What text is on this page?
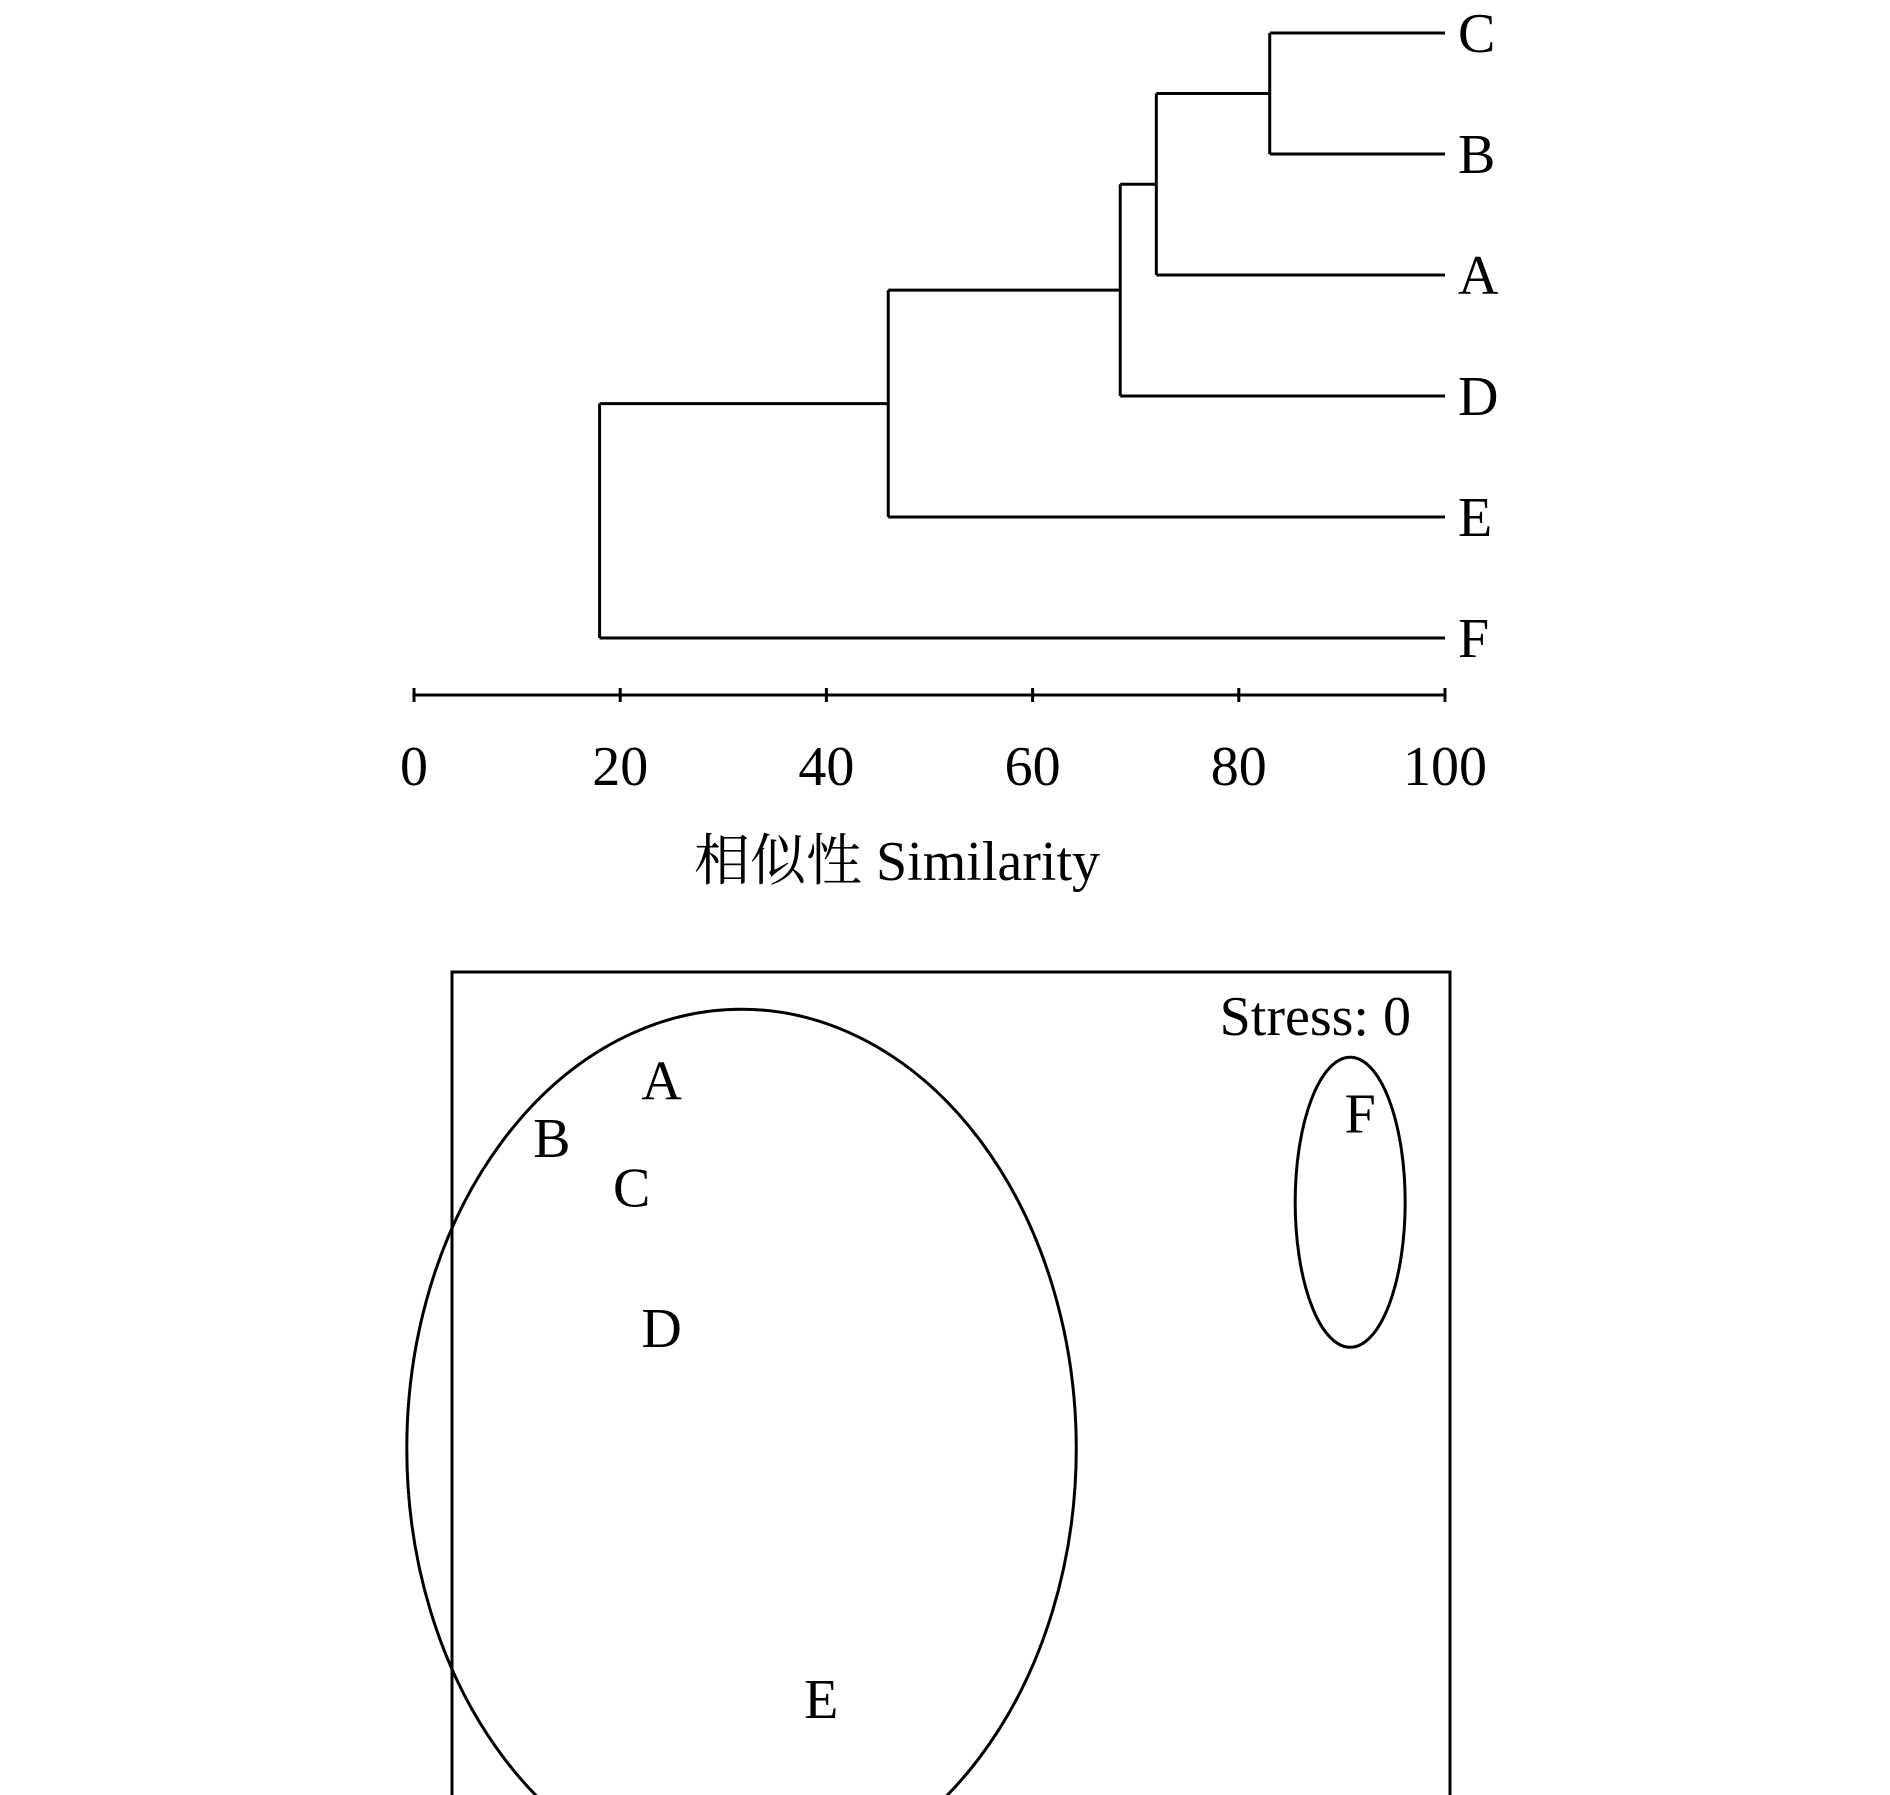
C
B
A
D
E
F
0	20	40	60	80 100
相似性 Similarity
Stress: 0
A
B
C
D
E
F
